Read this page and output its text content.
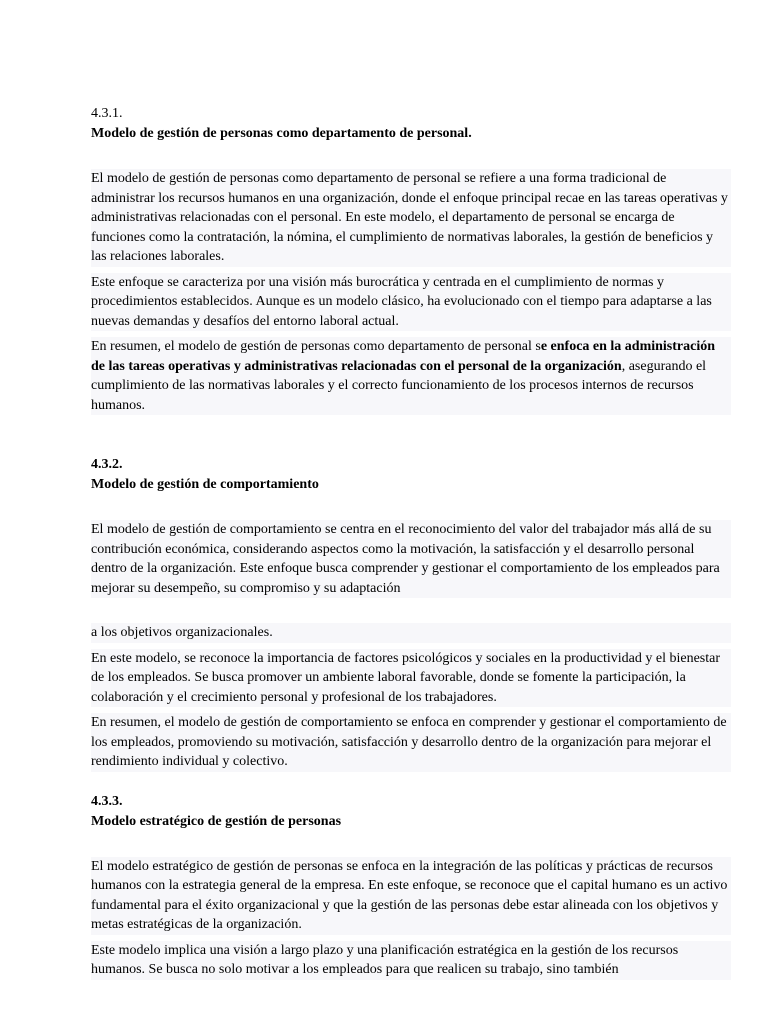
4.3.1.
Modelo de gestión de personas como departamento de personal.

El modelo de gestión de personas como departamento de personal se refiere a una forma tradicional de administrar los recursos humanos en una organización, donde el enfoque principal recae en las tareas operativas y administrativas relacionadas con el personal. En este modelo, el departamento de personal se encarga de funciones como la contratación, la nómina, el cumplimiento de normativas laborales, la gestión de beneficios y las relaciones laborales.

Este enfoque se caracteriza por una visión más burocrática y centrada en el cumplimiento de normas y procedimientos establecidos. Aunque es un modelo clásico, ha evolucionado con el tiempo para adaptarse a las nuevas demandas y desafíos del entorno laboral actual.

En resumen, el modelo de gestión de personas como departamento de personal se enfoca en la administración de las tareas operativas y administrativas relacionadas con el personal de la organización, asegurando el cumplimiento de las normativas laborales y el correcto funcionamiento de los procesos internos de recursos humanos.

4.3.2.
Modelo de gestión de comportamiento

El modelo de gestión de comportamiento se centra en el reconocimiento del valor del trabajador más allá de su contribución económica, considerando aspectos como la motivación, la satisfacción y el desarrollo personal dentro de la organización. Este enfoque busca comprender y gestionar el comportamiento de los empleados para mejorar su desempeño, su compromiso y su adaptación

a los objetivos organizacionales.

En este modelo, se reconoce la importancia de factores psicológicos y sociales en la productividad y el bienestar de los empleados. Se busca promover un ambiente laboral favorable, donde se fomente la participación, la colaboración y el crecimiento personal y profesional de los trabajadores.

En resumen, el modelo de gestión de comportamiento se enfoca en comprender y gestionar el comportamiento de los empleados, promoviendo su motivación, satisfacción y desarrollo dentro de la organización para mejorar el rendimiento individual y colectivo.

4.3.3.
Modelo estratégico de gestión de personas

El modelo estratégico de gestión de personas se enfoca en la integración de las políticas y prácticas de recursos humanos con la estrategia general de la empresa. En este enfoque, se reconoce que el capital humano es un activo fundamental para el éxito organizacional y que la gestión de las personas debe estar alineada con los objetivos y metas estratégicas de la organización.

Este modelo implica una visión a largo plazo y una planificación estratégica en la gestión de los recursos humanos. Se busca no solo motivar a los empleados para que realicen su trabajo, sino también
